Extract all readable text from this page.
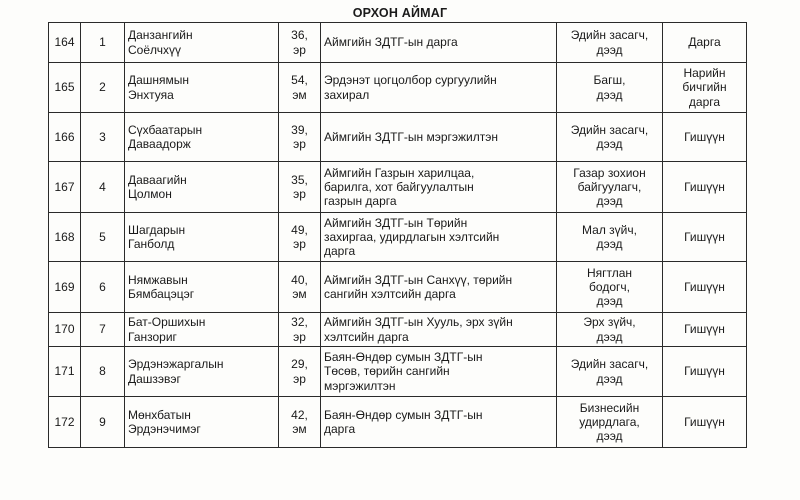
ОРХОН АЙМАГ
164	1	Данзангийн
Соёлчхүү	36,
эр	Аймгийн ЗДТГ-ын дарга	Эдийн засагч,
дээд	Дарга

165	2	Дашнямын
Энхтуяа	54,
эм	Эрдэнэт цогцолбор сургуулийн
захирал	Багш,
дээд	Нарийн
бичгийн
дарга

166	3	Сүхбаатарын
Даваадорж	39,
эр	Аймгийн ЗДТГ-ын мэргэжилтэн	Эдийн засагч,
дээд	Гишүүн

167	4	Даваагийн
Цолмон	35,
эр	Аймгийн Газрын харилцаа,
барилга, хот байгуулалтын
газрын дарга	Газар зохион
байгуулагч,
дээд	Гишүүн

168	5	Шагдарын
Ганболд	49,
эр	Аймгийн ЗДТГ-ын Төрийн
захиргаа, удирдлагын хэлтсийн
дарга	Мал зүйч,
дээд	Гишүүн

169	6	Нямжавын
Бямбацэцэг	40,
эм	Аймгийн ЗДТГ-ын Санхүү, төрийн
сангийн хэлтсийн дарга	Нягтлан
бодогч,
дээд	Гишүүн

170	7	Бат-Оршихын
Ганзориг	32,
эр	Аймгийн ЗДТГ-ын Хууль, эрх зүйн
хэлтсийн дарга	Эрх зүйч,
дээд	Гишүүн

171	8	Эрдэнэжаргалын
Дашзэвэг	29,
эр	Баян-Өндөр сумын ЗДТГ-ын
Төсөв, төрийн сангийн
мэргэжилтэн	Эдийн засагч,
дээд	Гишүүн

172	9	Мөнхбатын
Эрдэнэчимэг	42,
эм	Баян-Өндөр сумын ЗДТГ-ын
дарга	Бизнесийн
удирдлага,
дээд	Гишүүн
